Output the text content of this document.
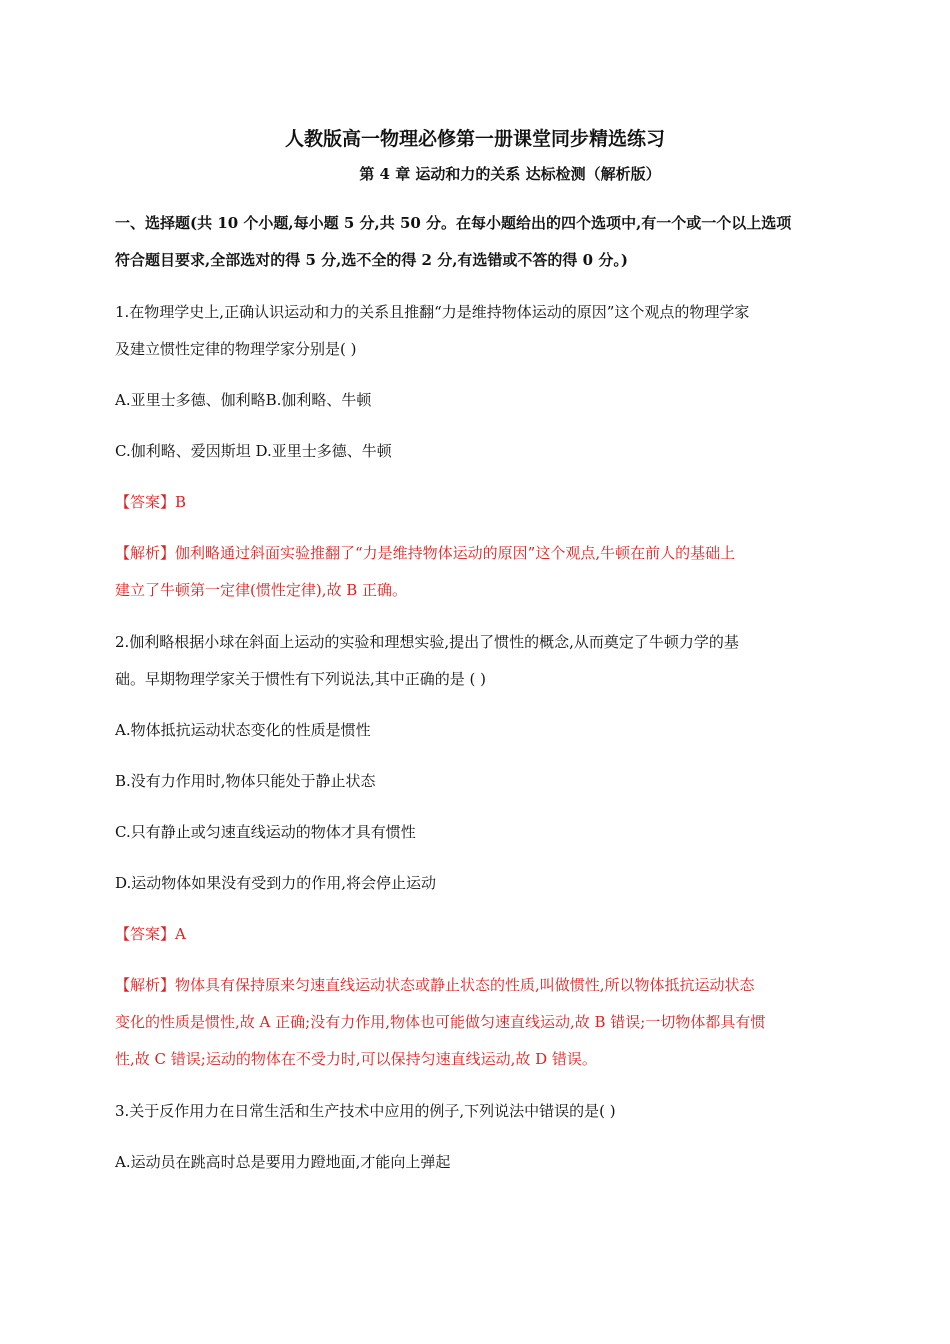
人教版高一物理必修第一册课堂同步精选练习
第 4 章 运动和力的关系 达标检测（解析版）

一、选择题(共 10 个小题,每小题 5 分,共 50 分。在每小题给出的四个选项中,有一个或一个以上选项

符合题目要求,全部选对的得 5 分,选不全的得 2 分,有选错或不答的得 0 分。)

1.在物理学史上,正确认识运动和力的关系且推翻“力是维持物体运动的原因”这个观点的物理学家

及建立惯性定律的物理学家分别是( )

A.亚里士多德、伽利略B.伽利略、牛顿
C.伽利略、爱因斯坦 D.亚里士多德、牛顿
【答案】B

【解析】伽利略通过斜面实验推翻了“力是维持物体运动的原因”这个观点,牛顿在前人的基础上

建立了牛顿第一定律(惯性定律),故 B 正确。

2.伽利略根据小球在斜面上运动的实验和理想实验,提出了惯性的概念,从而奠定了牛顿力学的基

础。早期物理学家关于惯性有下列说法,其中正确的是 ( )

A.物体抵抗运动状态变化的性质是惯性
B.没有力作用时,物体只能处于静止状态
C.只有静止或匀速直线运动的物体才具有惯性
D.运动物体如果没有受到力的作用,将会停止运动
【答案】A

【解析】物体具有保持原来匀速直线运动状态或静止状态的性质,叫做惯性,所以物体抵抗运动状态

变化的性质是惯性,故 A 正确;没有力作用,物体也可能做匀速直线运动,故 B 错误;一切物体都具有惯

性,故 C 错误;运动的物体在不受力时,可以保持匀速直线运动,故 D 错误。

3.关于反作用力在日常生活和生产技术中应用的例子,下列说法中错误的是( )
A.运动员在跳高时总是要用力蹬地面,才能向上弹起
